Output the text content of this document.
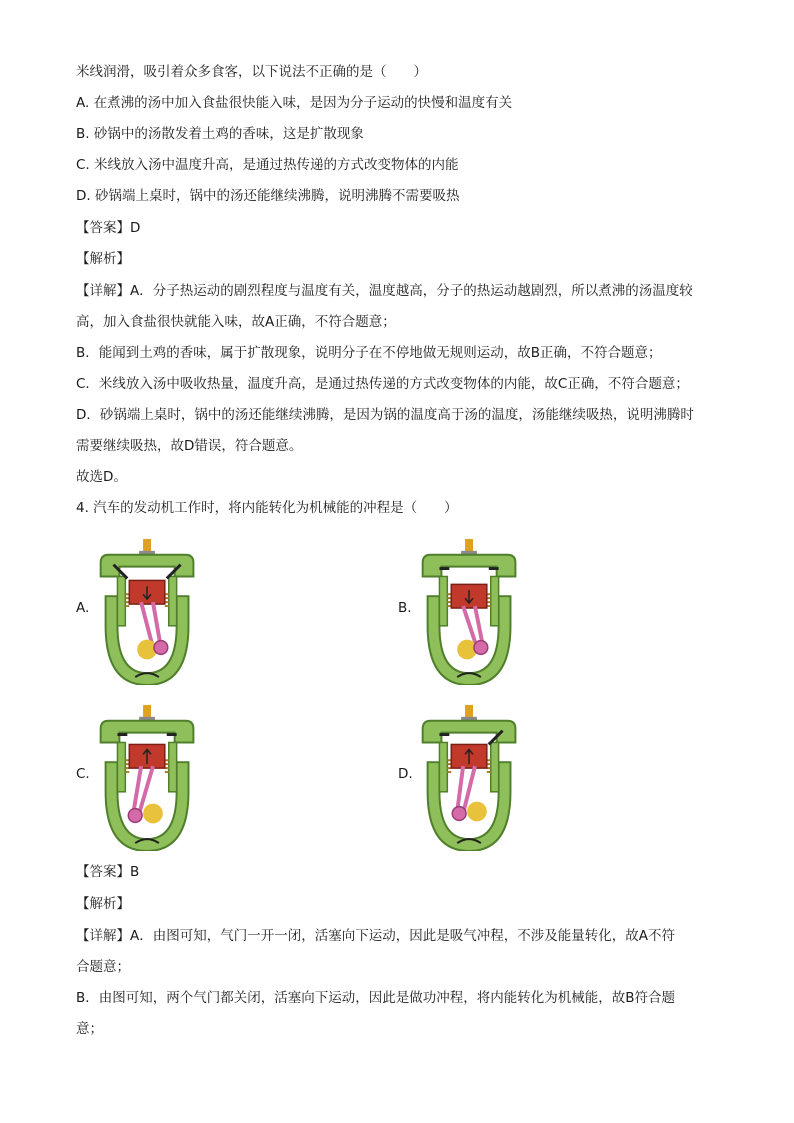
米线润滑，吸引着众多食客，以下说法不正确的是（　　）
A. 在煮沸的汤中加入食盐很快能入味，是因为分子运动的快慢和温度有关
B. 砂锅中的汤散发着土鸡的香味，这是扩散现象
C. 米线放入汤中温度升高，是通过热传递的方式改变物体的内能
D. 砂锅端上桌时，锅中的汤还能继续沸腾，说明沸腾不需要吸热
【答案】D
【解析】
【详解】A．分子热运动的剧烈程度与温度有关，温度越高，分子的热运动越剧烈，所以煮沸的汤温度较
高，加入食盐很快就能入味，故A正确，不符合题意；
B．能闻到土鸡的香味，属于扩散现象，说明分子在不停地做无规则运动，故B正确，不符合题意；
C．米线放入汤中吸收热量，温度升高，是通过热传递的方式改变物体的内能，故C正确，不符合题意；
D．砂锅端上桌时，锅中的汤还能继续沸腾，是因为锅的温度高于汤的温度，汤能继续吸热，说明沸腾时
需要继续吸热，故D错误，符合题意。
故选D。
4. 汽车的发动机工作时，将内能转化为机械能的冲程是（　　）
A.	B.
C.	D.
【答案】B
【解析】
【详解】A．由图可知，气门一开一闭，活塞向下运动，因此是吸气冲程，不涉及能量转化，故A不符
合题意；
B．由图可知，两个气门都关闭，活塞向下运动，因此是做功冲程，将内能转化为机械能，故B符合题
意；
